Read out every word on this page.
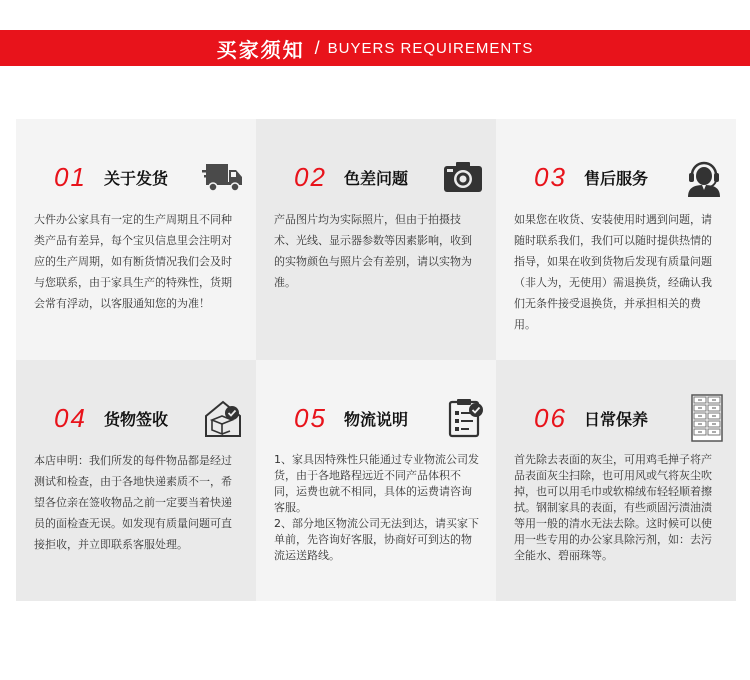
买家须知 / BUYERS REQUIREMENTS
01	关于发货

大件办公家具有一定的生产周期且不同种类产品有差异，每个宝贝信息里会注明对应的生产周期，如有断货情况我们会及时与您联系，由于家具生产的特殊性，货期会常有浮动，以客服通知您的为准！

02	色差问题

产品图片均为实际照片，但由于拍摄技术、光线、显示器参数等因素影响，收到的实物颜色与照片会有差别，请以实物为准。

03	售后服务

如果您在收货、安装使用时遇到问题，请随时联系我们，我们可以随时提供热情的指导，如果在收到货物后发现有质量问题（非人为，无使用）需退换货，经确认我们无条件接受退换货，并承担相关的费用。

04	货物签收

本店申明：我们所发的每件物品都是经过测试和检查，由于各地快递素质不一，希望各位亲在签收物品之前一定要当着快递员的面检查无误。如发现有质量问题可直接拒收，并立即联系客服处理。

05	物流说明

1、家具因特殊性只能通过专业物流公司发货，由于各地路程远近不同产品体积不同，运费也就不相同，具体的运费请咨询客服。

2、部分地区物流公司无法到达，请买家下单前，先咨询好客服，协商好可到达的物流运送路线。

06	日常保养

首先除去表面的灰尘，可用鸡毛掸子将产品表面灰尘扫除，也可用风或气将灰尘吹掉，也可以用毛巾或软棉绒布轻轻顺着擦拭。钢制家具的表面，有些顽固污渍油渍等用一般的清水无法去除。这时候可以使用一些专用的办公家具除污剂，如：去污全能水、碧丽珠等。
